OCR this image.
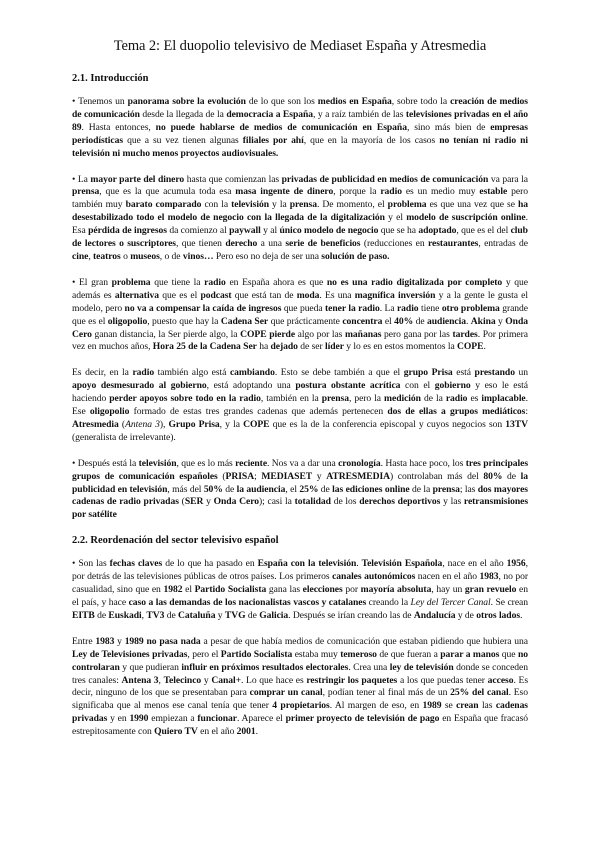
Tema 2: El duopolio televisivo de Mediaset España y Atresmedia
2.1. Introducción

• Tenemos un panorama sobre la evolución de lo que son los medios en España, sobre todo la creación de medios de comunicación desde la llegada de la democracia a España, y a raíz también de las televisiones privadas en el año 89. Hasta entonces, no puede hablarse de medios de comunicación en España, sino más bien de empresas periodísticas que a su vez tienen algunas filiales por ahí, que en la mayoría de los casos no tenían ni radio ni televisión ni mucho menos proyectos audiovisuales.

• La mayor parte del dinero hasta que comienzan las privadas de publicidad en medios de comunicación va para la prensa, que es la que acumula toda esa masa ingente de dinero, porque la radio es un medio muy estable pero también muy barato comparado con la televisión y la prensa. De momento, el problema es que una vez que se ha desestabilizado todo el modelo de negocio con la llegada de la digitalización y el modelo de suscripción online. Esa pérdida de ingresos da comienzo al paywall y al único modelo de negocio que se ha adoptado, que es el del club de lectores o suscriptores, que tienen derecho a una serie de beneficios (reducciones en restaurantes, entradas de cine, teatros o museos, o de vinos… Pero eso no deja de ser una solución de paso.

• El gran problema que tiene la radio en España ahora es que no es una radio digitalizada por completo y que además es alternativa que es el podcast que está tan de moda. Es una magnífica inversión y a la gente le gusta el modelo, pero no va a compensar la caída de ingresos que pueda tener la radio. La radio tiene otro problema grande que es el oligopolio, puesto que hay la Cadena Ser que prácticamente concentra el 40% de audiencia. Akina y Onda Cero ganan distancia, la Ser pierde algo, la COPE pierde algo por las mañanas pero gana por las tardes. Por primera vez en muchos años, Hora 25 de la Cadena Ser ha dejado de ser líder y lo es en estos momentos la COPE.

Es decir, en la radio también algo está cambiando. Esto se debe también a que el grupo Prisa está prestando un apoyo desmesurado al gobierno, está adoptando una postura obstante acrítica con el gobierno y eso le está haciendo perder apoyos sobre todo en la radio, también en la prensa, pero la medición de la radio es implacable. Ese oligopolio formado de estas tres grandes cadenas que además pertenecen dos de ellas a grupos mediáticos: Atresmedia (Antena 3), Grupo Prisa, y la COPE que es la de la conferencia episcopal y cuyos negocios son 13TV (generalista de irrelevante).

• Después está la televisión, que es lo más reciente. Nos va a dar una cronología. Hasta hace poco, los tres principales grupos de comunicación españoles (PRISA; MEDIASET y ATRESMEDIA) controlaban más del 80% de la publicidad en televisión, más del 50% de la audiencia, el 25% de las ediciones online de la prensa; las dos mayores cadenas de radio privadas (SER y Onda Cero); casi la totalidad de los derechos deportivos y las retransmisiones por satélite

2.2. Reordenación del sector televisivo español

• Son las fechas claves de lo que ha pasado en España con la televisión. Televisión Española, nace en el año 1956, por detrás de las televisiones públicas de otros países. Los primeros canales autonómicos nacen en el año 1983, no por casualidad, sino que en 1982 el Partido Socialista gana las elecciones por mayoría absoluta, hay un gran revuelo en el país, y hace caso a las demandas de los nacionalistas vascos y catalanes creando la Ley del Tercer Canal. Se crean EITB de Euskadi, TV3 de Cataluña y TVG de Galicia. Después se irían creando las de Andalucía y de otros lados.

Entre 1983 y 1989 no pasa nada a pesar de que había medios de comunicación que estaban pidiendo que hubiera una Ley de Televisiones privadas, pero el Partido Socialista estaba muy temeroso de que fueran a parar a manos que no controlaran y que pudieran influir en próximos resultados electorales. Crea una ley de televisión donde se conceden tres canales: Antena 3, Telecinco y Canal+. Lo que hace es restringir los paquetes a los que puedas tener acceso. Es decir, ninguno de los que se presentaban para comprar un canal, podían tener al final más de un 25% del canal. Eso significaba que al menos ese canal tenía que tener 4 propietarios. Al margen de eso, en 1989 se crean las cadenas privadas y en 1990 empiezan a funcionar. Aparece el primer proyecto de televisión de pago en España que fracasó estrepitosamente con Quiero TV en el año 2001.
